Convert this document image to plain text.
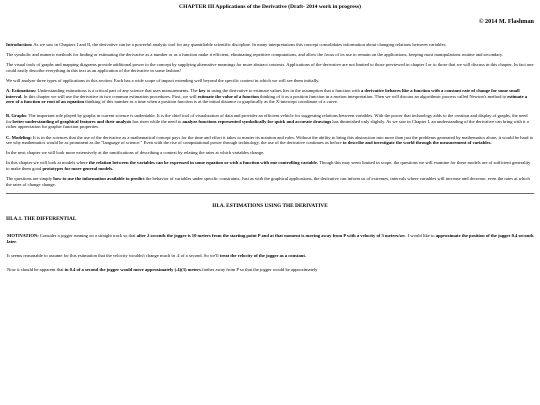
CHAPTER III Applications of the Derivative (Draft- 2014 work in progress)
© 2014 M. Flashman

Introduction: As we saw in Chapters I and II, the derivative can be a powerful analytic tool for any quantifiable scientific discipline. In many interpretations this concept consolidates information about changing relations between variables.

The symbolic and numeric methods for finding or estimating the derivative as a number or as a function make it efficient, eliminating repetitive computations, and allow the focus of its use to remain on the applications, keeping most manipulations routine and secondary.

The visual tools of graphs and mapping diagrams provide additional power to the concept by supplying alternative meanings for more abstract contexts. Applications of the derivative are not limited to those previewed in chapter I or to those that we will discuss in this chapter. In fact one could easily describe everything in this text as an application of the derivative in some fashion!

We will analyze three types of applications in this section. Each has a wide scope of impact extending well beyond the specific context in which we will see them initially.

A. Estimations: Understanding estimations is a critical part of any science that uses measurements. The key in using the derivative to estimate values lies in the assumption that a function with a derivative behaves like a function with a constant rate of change for some small interval. In this chapter we will use the derivative in two common estimation procedures. First, we will estimate the value of a function thinking of it as a position function in a motion interpretation. Then we will discuss an algorithmic process called Newton's method to estimate a zero of a function or root of an equation thinking of this number as a time when a position function is at the initial distance or graphically as the X-intercept coordinate of a curve.

B. Graphs: The important role played by graphs in current science is undeniable. It is the chief tool of visualization of data and provides an efficient vehicle for suggesting relations between variables. With the power that technology adds to the creation and display of graphs, the need for better understanding of graphical features and their analysis has risen while the need to analyze functions represented symbolically for quick and accurate drawings has diminished only slightly. As we saw in Chapter I, an understanding of the derivative can bring with it a richer appreciation for graphic function properties.

C. Modeling: It is in the sciences that the use of the derivative as a mathematical concept pays for the time and effort it takes to master its notation and rules. Without the ability to bring this abstraction into more than just the problems generated by mathematics alone, it would be hard to see why mathematics would be as prominent as the "language of science." Even with the rise of computational power through technology, the use of the derivative continues as before to describe and investigate the world through the measurement of variables.

In the next chapter we will look more extensively at the ramifications of describing a context by relating the rates at which variables change.

In this chapter we will look at models where the relation between the variables can be expressed in some equation or with a function with one controlling variable. Though this may seem limited in scope, the questions we will examine for these models are of sufficient generality to make them good prototypes for more general models.

The questions are simply how to use the information available to predict the behavior of variables under specific constraints. Just as with the graphical applications, the derivative can inform us of extremes, intervals where variables will increase and decrease, even the rates at which the rates of change change.

III.A. ESTIMATIONS USING THE DERIVATIVE
III.A.1. THE DIFFERENTIAL

MOTIVATION: Consider a jogger running on a straight track so that after 2 seconds the jogger is 10 meters from the starting point P and at that moment is moving away from P with a velocity of 3 meters/sec. I would like to approximate the position of the jogger 0.4 seconds later.

It seems reasonable to assume for this estimation that the velocity wouldn't change much in .4 of a second. So we'll treat the velocity of the jogger as a constant.

Now it should be apparent that in 0.4 of a second the jogger would move approximately (.4)(3) meters farther away from P so that the jogger would be approximately
